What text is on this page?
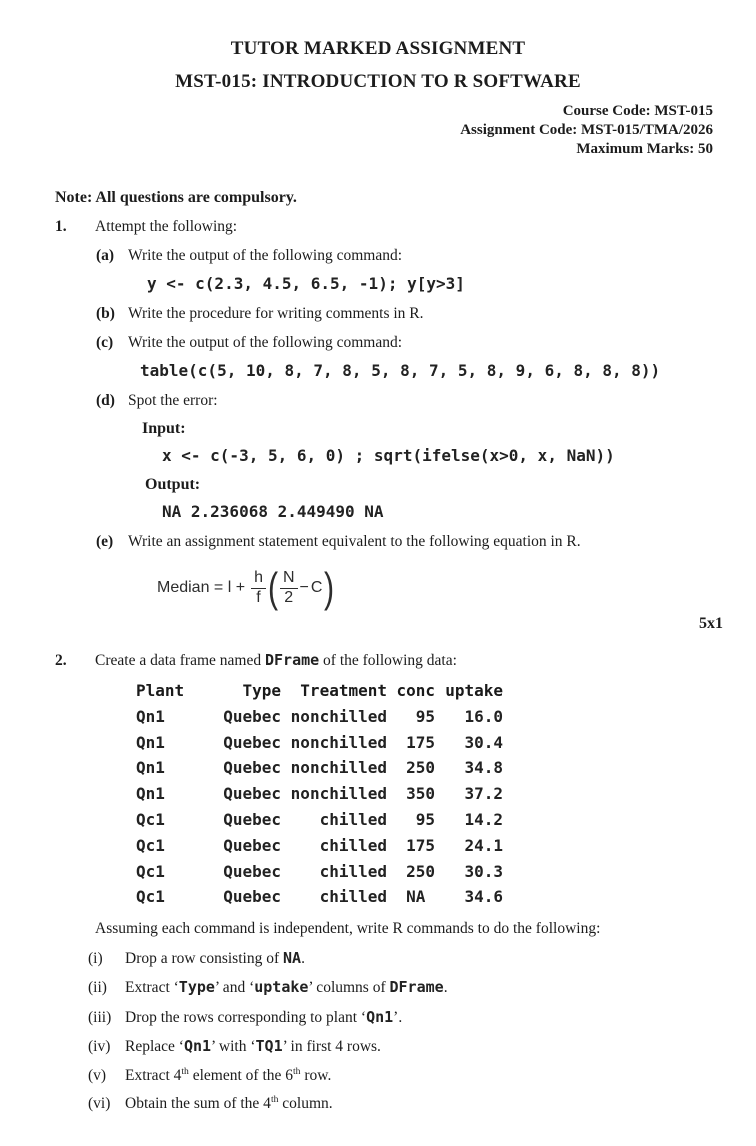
TUTOR MARKED ASSIGNMENT
MST-015: INTRODUCTION TO R SOFTWARE
Course Code: MST-015
Assignment Code: MST-015/TMA/2026
Maximum Marks: 50
Note: All questions are compulsory.
1.	Attempt the following:
(a) Write the output of the following command:
y <- c(2.3, 4.5, 6.5, -1); y[y>3]
(b) Write the procedure for writing comments in R.
(c) Write the output of the following command:
table(c(5, 10, 8, 7, 8, 5, 8, 7, 5, 8, 9, 6, 8, 8, 8))
(d) Spot the error:
Input:
x <- c(-3, 5, 6, 0) ; sqrt(ifelse(x>0, x, NaN))
Output:
NA 2.236068 2.449490 NA
(e) Write an assignment statement equivalent to the following equation in R.
Median = $l + \frac{h}{f}$ ( $\frac{N}{2} - C$ )
5x1
2.	Create a data frame named DFrame of the following data:
Plant	Type	Treatment	conc	uptake
Qn1	Quebec	nonchilled	95	16.0
Qn1	Quebec	nonchilled	175	30.4
Qn1	Quebec	nonchilled	250	34.8
Qn1	Quebec	nonchilled	350	37.2
Qc1	Quebec	chilled	95	14.2
Qc1	Quebec	chilled	175	24.1
Qc1	Quebec	chilled	250	30.3
Qc1	Quebec	chilled	NA	34.6
Assuming each command is independent, write R commands to do the following:
(i)	Drop a row consisting of NA.
(ii)	Extract ‘Type’ and ‘uptake’ columns of DFrame.
(iii) Drop the rows corresponding to plant ‘Qn1’.
(iv) Replace ‘Qn1’ with ‘TQ1’ in first 4 rows.
(v)	Extract 4th element of the 6th row.
(vi) Obtain the sum of the 4th column.
